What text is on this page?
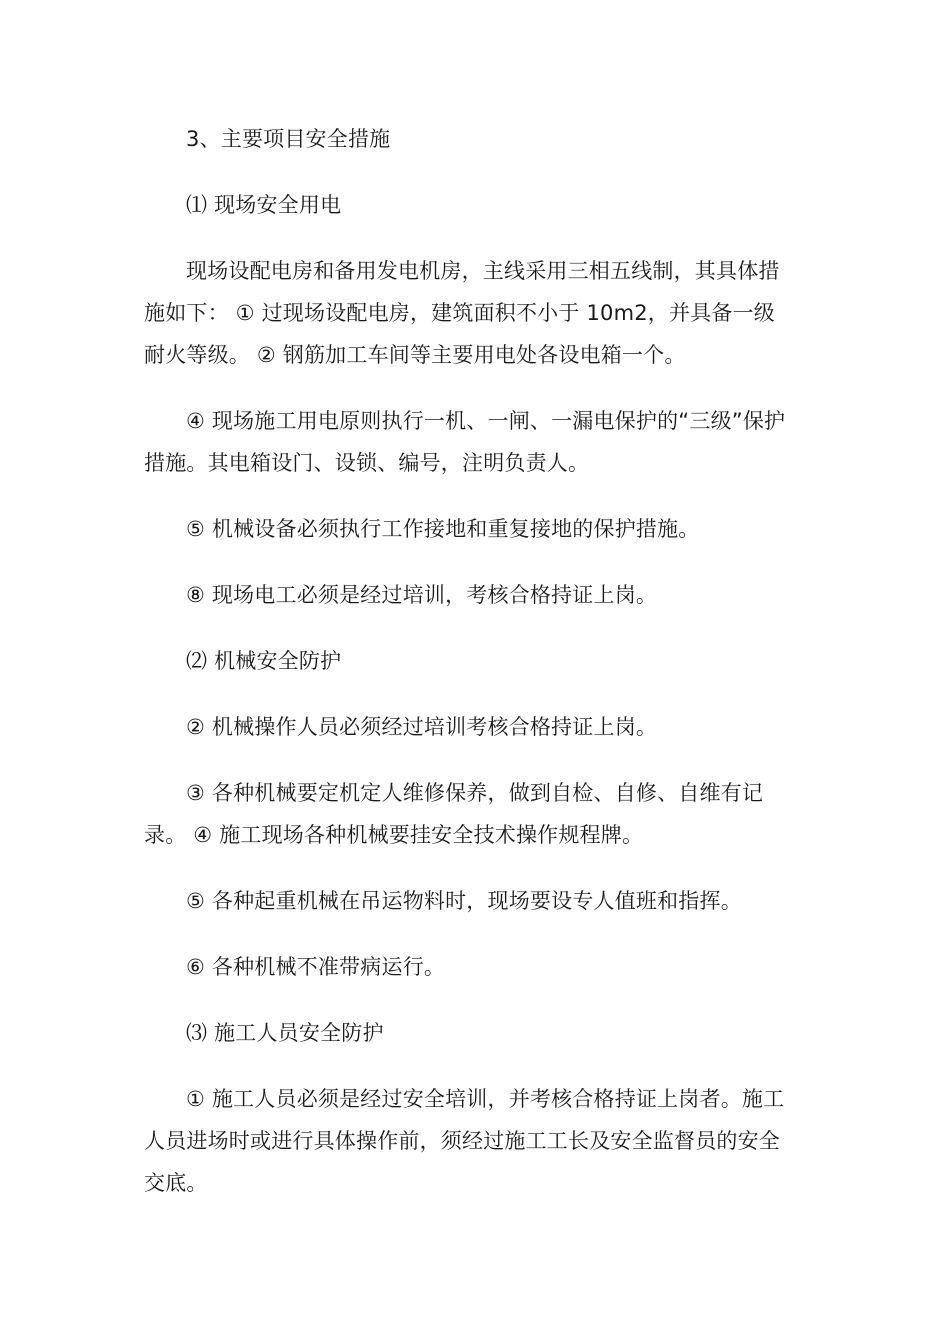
3、主要项目安全措施

⑴ 现场安全用电

现场设配电房和备用发电机房，主线采用三相五线制，其具体措施如下： ① 过现场设配电房，建筑面积不小于 10m2，并具备一级耐火等级。 ② 钢筋加工车间等主要用电处各设电箱一个。

④ 现场施工用电原则执行一机、一闸、一漏电保护的“三级”保护措施。其电箱设门、设锁、编号，注明负责人。

⑤ 机械设备必须执行工作接地和重复接地的保护措施。

⑧ 现场电工必须是经过培训，考核合格持证上岗。

⑵ 机械安全防护

② 机械操作人员必须经过培训考核合格持证上岗。

③ 各种机械要定机定人维修保养，做到自检、自修、自维有记录。 ④ 施工现场各种机械要挂安全技术操作规程牌。

⑤ 各种起重机械在吊运物料时，现场要设专人值班和指挥。

⑥ 各种机械不准带病运行。

⑶ 施工人员安全防护

① 施工人员必须是经过安全培训，并考核合格持证上岗者。施工人员进场时或进行具体操作前，须经过施工工长及安全监督员的安全交底。
